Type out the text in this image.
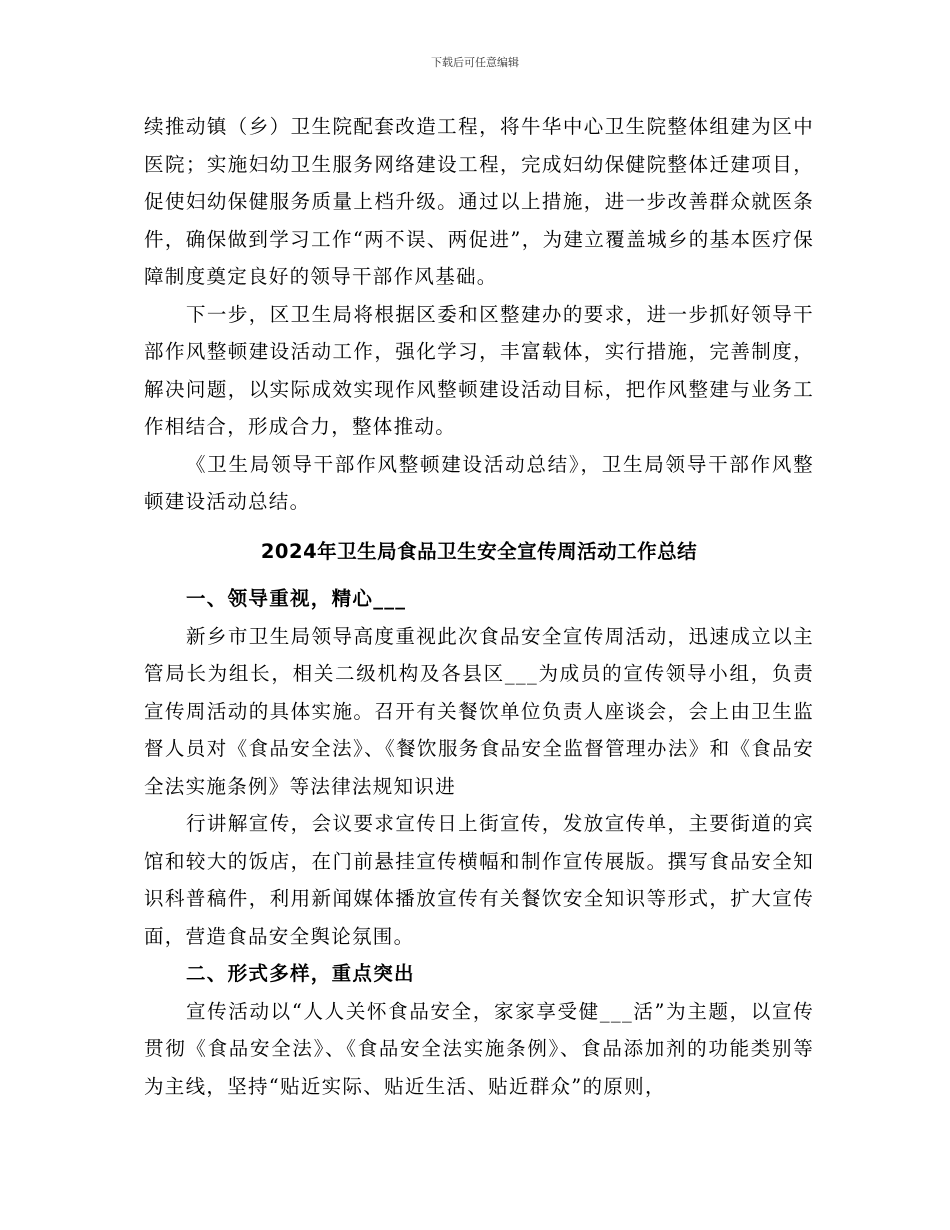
下载后可任意编辑

续推动镇（乡）卫生院配套改造工程，将牛华中心卫生院整体组建为区中医院；实施妇幼卫生服务网络建设工程，完成妇幼保健院整体迁建项目，促使妇幼保健服务质量上档升级。通过以上措施，进一步改善群众就医条件，确保做到学习工作“两不误、两促进”，为建立覆盖城乡的基本医疗保障制度奠定良好的领导干部作风基础。

下一步，区卫生局将根据区委和区整建办的要求，进一步抓好领导干部作风整顿建设活动工作，强化学习，丰富载体，实行措施，完善制度，解决问题，以实际成效实现作风整顿建设活动目标，把作风整建与业务工作相结合，形成合力，整体推动。

《卫生局领导干部作风整顿建设活动总结》，卫生局领导干部作风整顿建设活动总结。

2024年卫生局食品卫生安全宣传周活动工作总结
一、领导重视，精心___

新乡市卫生局领导高度重视此次食品安全宣传周活动，迅速成立以主管局长为组长，相关二级机构及各县区___为成员的宣传领导小组，负责宣传周活动的具体实施。召开有关餐饮单位负责人座谈会，会上由卫生监督人员对《食品安全法》、《餐饮服务食品安全监督管理办法》和《食品安全法实施条例》等法律法规知识进

行讲解宣传，会议要求宣传日上街宣传，发放宣传单，主要街道的宾馆和较大的饭店，在门前悬挂宣传横幅和制作宣传展版。撰写食品安全知识科普稿件，利用新闻媒体播放宣传有关餐饮安全知识等形式，扩大宣传面，营造食品安全舆论氛围。

二、形式多样，重点突出

宣传活动以“人人关怀食品安全，家家享受健___活”为主题，以宣传贯彻《食品安全法》、《食品安全法实施条例》、食品添加剂的功能类别等为主线，坚持“贴近实际、贴近生活、贴近群众”的原则，
